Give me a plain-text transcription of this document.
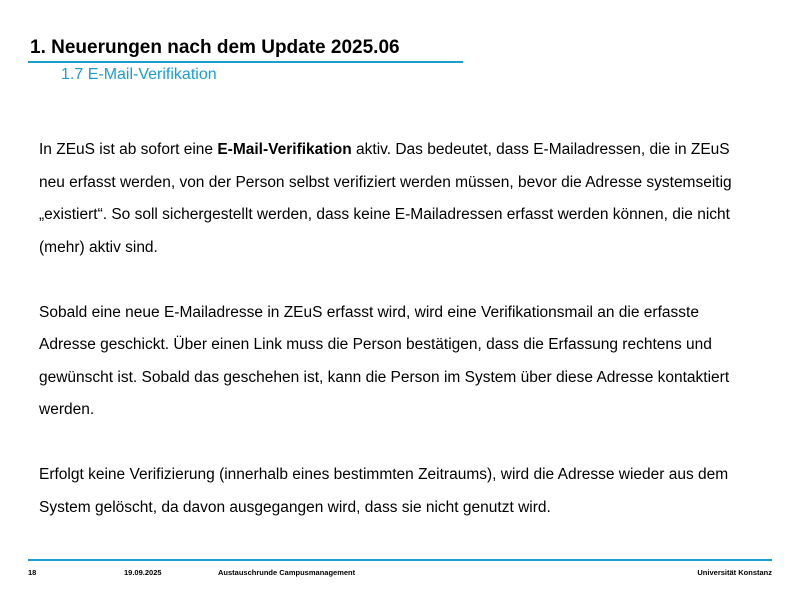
1. Neuerungen nach dem Update 2025.06
1.7 E-Mail-Verifikation

In ZEuS ist ab sofort eine E-Mail-Verifikation aktiv. Das bedeutet, dass E-Mailadressen, die in ZEuS neu erfasst werden, von der Person selbst verifiziert werden müssen, bevor die Adresse systemseitig „existiert“. So soll sichergestellt werden, dass keine E-Mailadressen erfasst werden können, die nicht (mehr) aktiv sind.

Sobald eine neue E-Mailadresse in ZEuS erfasst wird, wird eine Verifikationsmail an die erfasste Adresse geschickt. Über einen Link muss die Person bestätigen, dass die Erfassung rechtens und gewünscht ist. Sobald das geschehen ist, kann die Person im System über diese Adresse kontaktiert werden.

Erfolgt keine Verifizierung (innerhalb eines bestimmten Zeitraums), wird die Adresse wieder aus dem System gelöscht, da davon ausgegangen wird, dass sie nicht genutzt wird.

18	19.09.2025	Austauschrunde Campusmanagement	Universität Konstanz
